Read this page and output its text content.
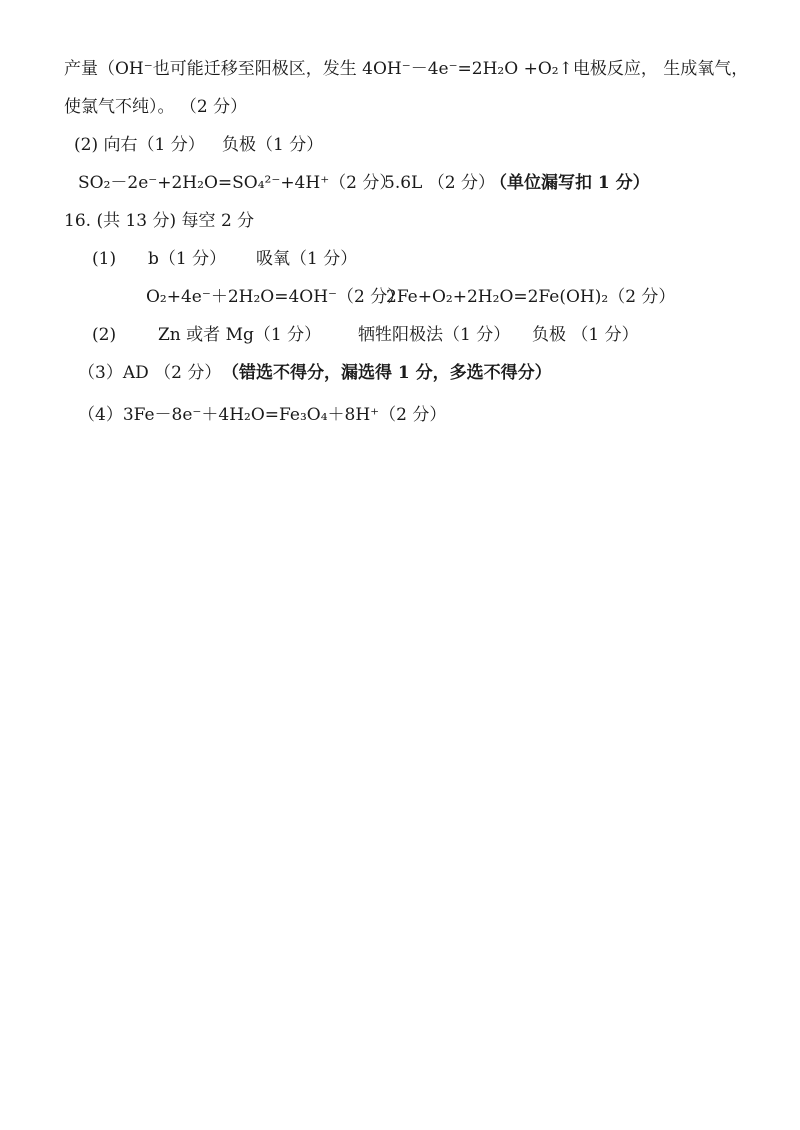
产量（OH⁻也可能迁移至阳极区，发生 4OH⁻－4e⁻=2H₂O +O₂↑电极反应， 生成氧气，
使氯气不纯）。 （2 分）
(2) 向右（1 分） 负极（1 分）
SO₂－2e⁻+2H₂O=SO₄²⁻+4H⁺（2 分）
5.6L （2 分）
（单位漏写扣 1 分）
16. (共 13 分) 每空 2 分
(1) b（1 分） 吸氧（1 分）
O₂+4e⁻＋2H₂O=4OH⁻（2 分）
2Fe+O₂+2H₂O=2Fe(OH)₂（2 分）
(2) Zn 或者 Mg（1 分） 牺牲阳极法（1 分） 负极 （1 分）
（3）AD （2 分） （错选不得分，漏选得 1 分，多选不得分）
（4）3Fe－8e⁻＋4H₂O=Fe₃O₄＋8H⁺（2 分）
